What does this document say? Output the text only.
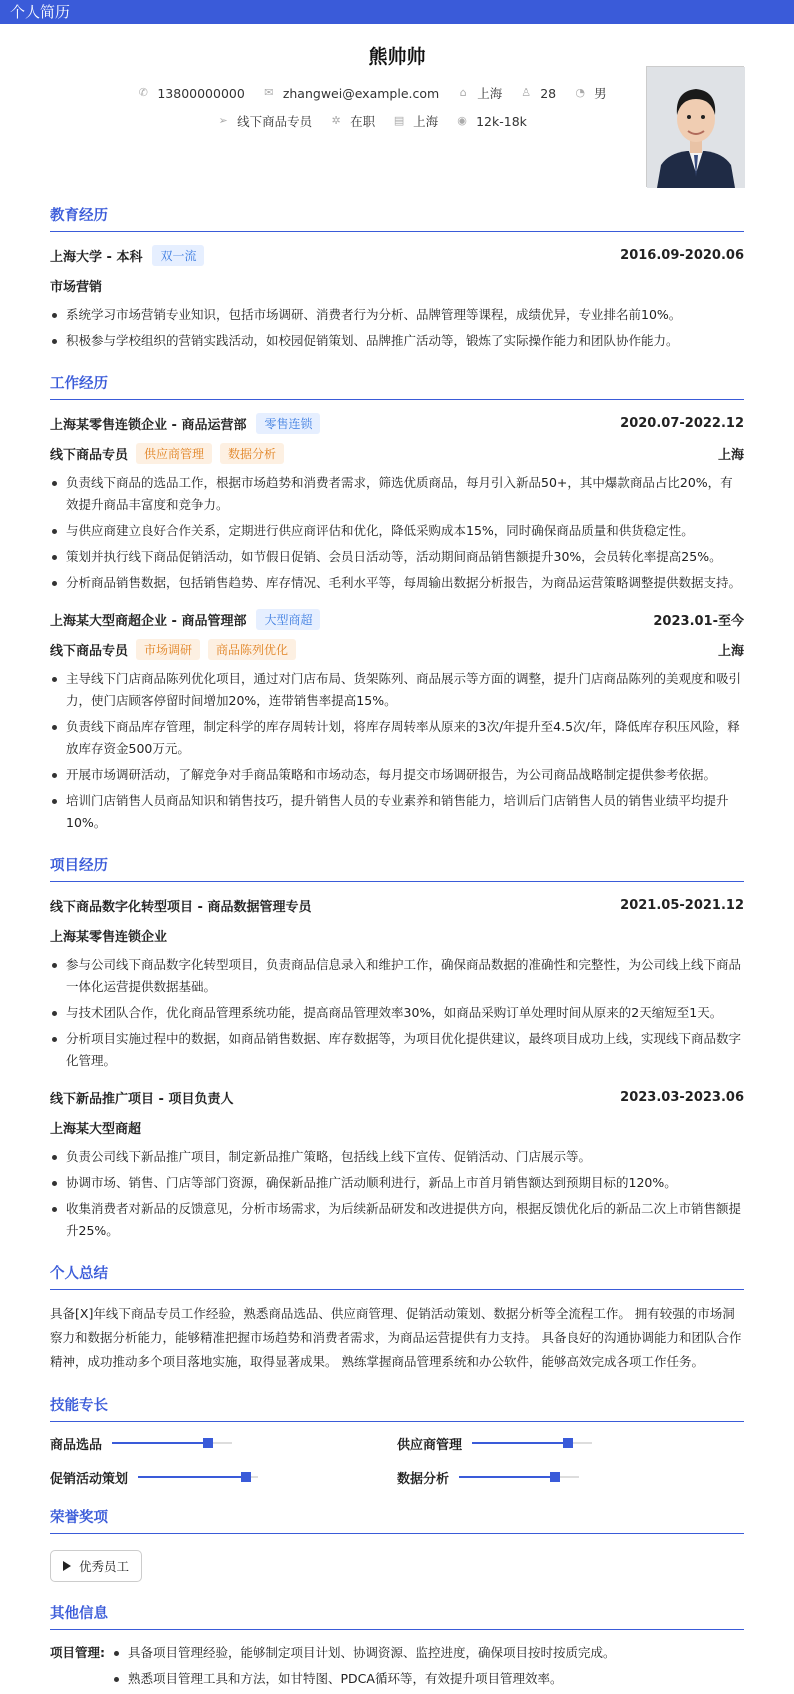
个人简历
熊帅帅
✆ 13800000000 ✉ zhangwei@example.com ⌂ 上海 ♙ 28 ◔ 男
➢ 线下商品专员 ✲ 在职 ▤ 上海 ◉ 12k-18k
教育经历
上海大学 - 本科	双一流	2016.09-2020.06
市场营销
系统学习市场营销专业知识，包括市场调研、消费者行为分析、品牌管理等课程，成绩优异，专业排名前10%。
积极参与学校组织的营销实践活动，如校园促销策划、品牌推广活动等，锻炼了实际操作能力和团队协作能力。
工作经历
上海某零售连锁企业 - 商品运营部	零售连锁	2020.07-2022.12
线下商品专员	供应商管理	数据分析	上海
负责线下商品的选品工作，根据市场趋势和消费者需求，筛选优质商品，每月引入新品50+，其中爆款商品占比20%，有效提升商品丰富度和竞争力。
与供应商建立良好合作关系，定期进行供应商评估和优化，降低采购成本15%，同时确保商品质量和供货稳定性。
策划并执行线下商品促销活动，如节假日促销、会员日活动等，活动期间商品销售额提升30%，会员转化率提高25%。
分析商品销售数据，包括销售趋势、库存情况、毛利水平等，每周输出数据分析报告，为商品运营策略调整提供数据支持。
上海某大型商超企业 - 商品管理部	大型商超	2023.01-至今
线下商品专员	市场调研	商品陈列优化	上海
主导线下门店商品陈列优化项目，通过对门店布局、货架陈列、商品展示等方面的调整，提升门店商品陈列的美观度和吸引力，使门店顾客停留时间增加20%，连带销售率提高15%。
负责线下商品库存管理，制定科学的库存周转计划，将库存周转率从原来的3次/年提升至4.5次/年，降低库存积压风险，释放库存资金500万元。
开展市场调研活动，了解竞争对手商品策略和市场动态，每月提交市场调研报告，为公司商品战略制定提供参考依据。
培训门店销售人员商品知识和销售技巧，提升销售人员的专业素养和销售能力，培训后门店销售人员的销售业绩平均提升10%。
项目经历
线下商品数字化转型项目 - 商品数据管理专员	2021.05-2021.12
上海某零售连锁企业
参与公司线下商品数字化转型项目，负责商品信息录入和维护工作，确保商品数据的准确性和完整性，为公司线上线下商品一体化运营提供数据基础。
与技术团队合作，优化商品管理系统功能，提高商品管理效率30%，如商品采购订单处理时间从原来的2天缩短至1天。
分析项目实施过程中的数据，如商品销售数据、库存数据等，为项目优化提供建议，最终项目成功上线，实现线下商品数字化管理。
线下新品推广项目 - 项目负责人	2023.03-2023.06
上海某大型商超
负责公司线下新品推广项目，制定新品推广策略，包括线上线下宣传、促销活动、门店展示等。
协调市场、销售、门店等部门资源，确保新品推广活动顺利进行，新品上市首月销售额达到预期目标的120%。
收集消费者对新品的反馈意见，分析市场需求，为后续新品研发和改进提供方向，根据反馈优化后的新品二次上市销售额提升25%。
个人总结
具备[X]年线下商品专员工作经验，熟悉商品选品、供应商管理、促销活动策划、数据分析等全流程工作。 拥有较强的市场洞察力和数据分析能力，能够精准把握市场趋势和消费者需求，为商品运营提供有力支持。 具备良好的沟通协调能力和团队合作精神，成功推动多个项目落地实施，取得显著成果。 熟练掌握商品管理系统和办公软件，能够高效完成各项工作任务。
技能专长
商品选品	供应商管理
促销活动策划	数据分析
荣誉奖项
优秀员工
其他信息
项目管理:	具备项目管理经验，能够制定项目计划、协调资源、监控进度，确保项目按时按质完成。
熟悉项目管理工具和方法，如甘特图、PDCA循环等，有效提升项目管理效率。
